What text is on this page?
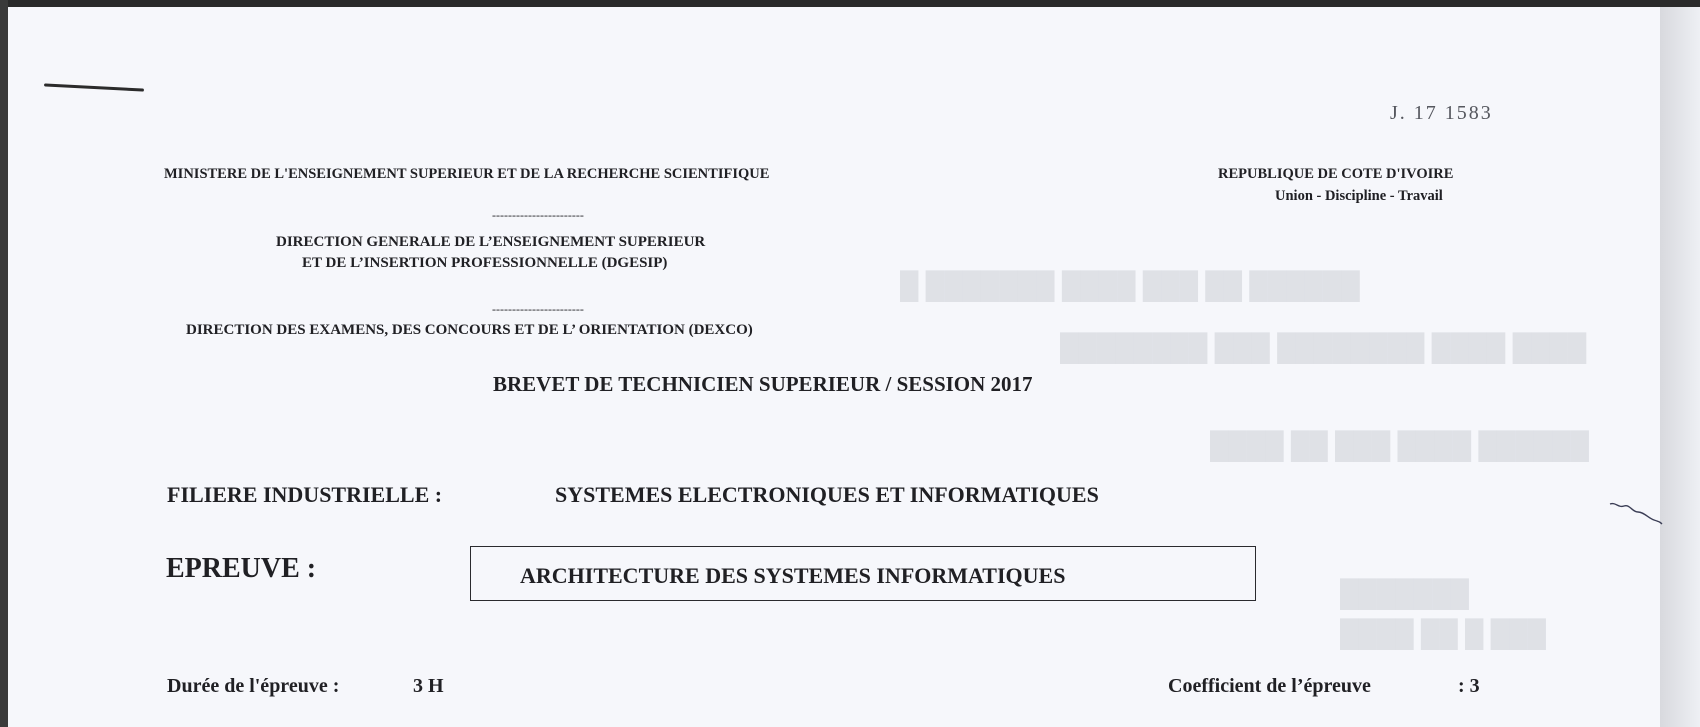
█ ███████ ████ ███ ██ ██████
████████ ███ ████████ ████ ████
████ ██ ███ ████ ██████
███████
████ ██ █ ███
J. 17 1583
MINISTERE DE L'ENSEIGNEMENT SUPERIEUR ET DE LA RECHERCHE SCIENTIFIQUE	REPUBLIQUE DE COTE D'IVOIRE
Union - Discipline - Travail
-----------------------
DIRECTION GENERALE DE L’ENSEIGNEMENT SUPERIEUR
ET DE L’INSERTION PROFESSIONNELLE (DGESIP)
-----------------------
DIRECTION DES EXAMENS, DES CONCOURS ET DE L’ ORIENTATION (DEXCO)
BREVET DE TECHNICIEN SUPERIEUR / SESSION 2017
FILIERE INDUSTRIELLE :	SYSTEMES ELECTRONIQUES ET INFORMATIQUES
EPREUVE :	ARCHITECTURE DES SYSTEMES INFORMATIQUES
Durée de l'épreuve :	3 H	Coefficient de l’épreuve	: 3
